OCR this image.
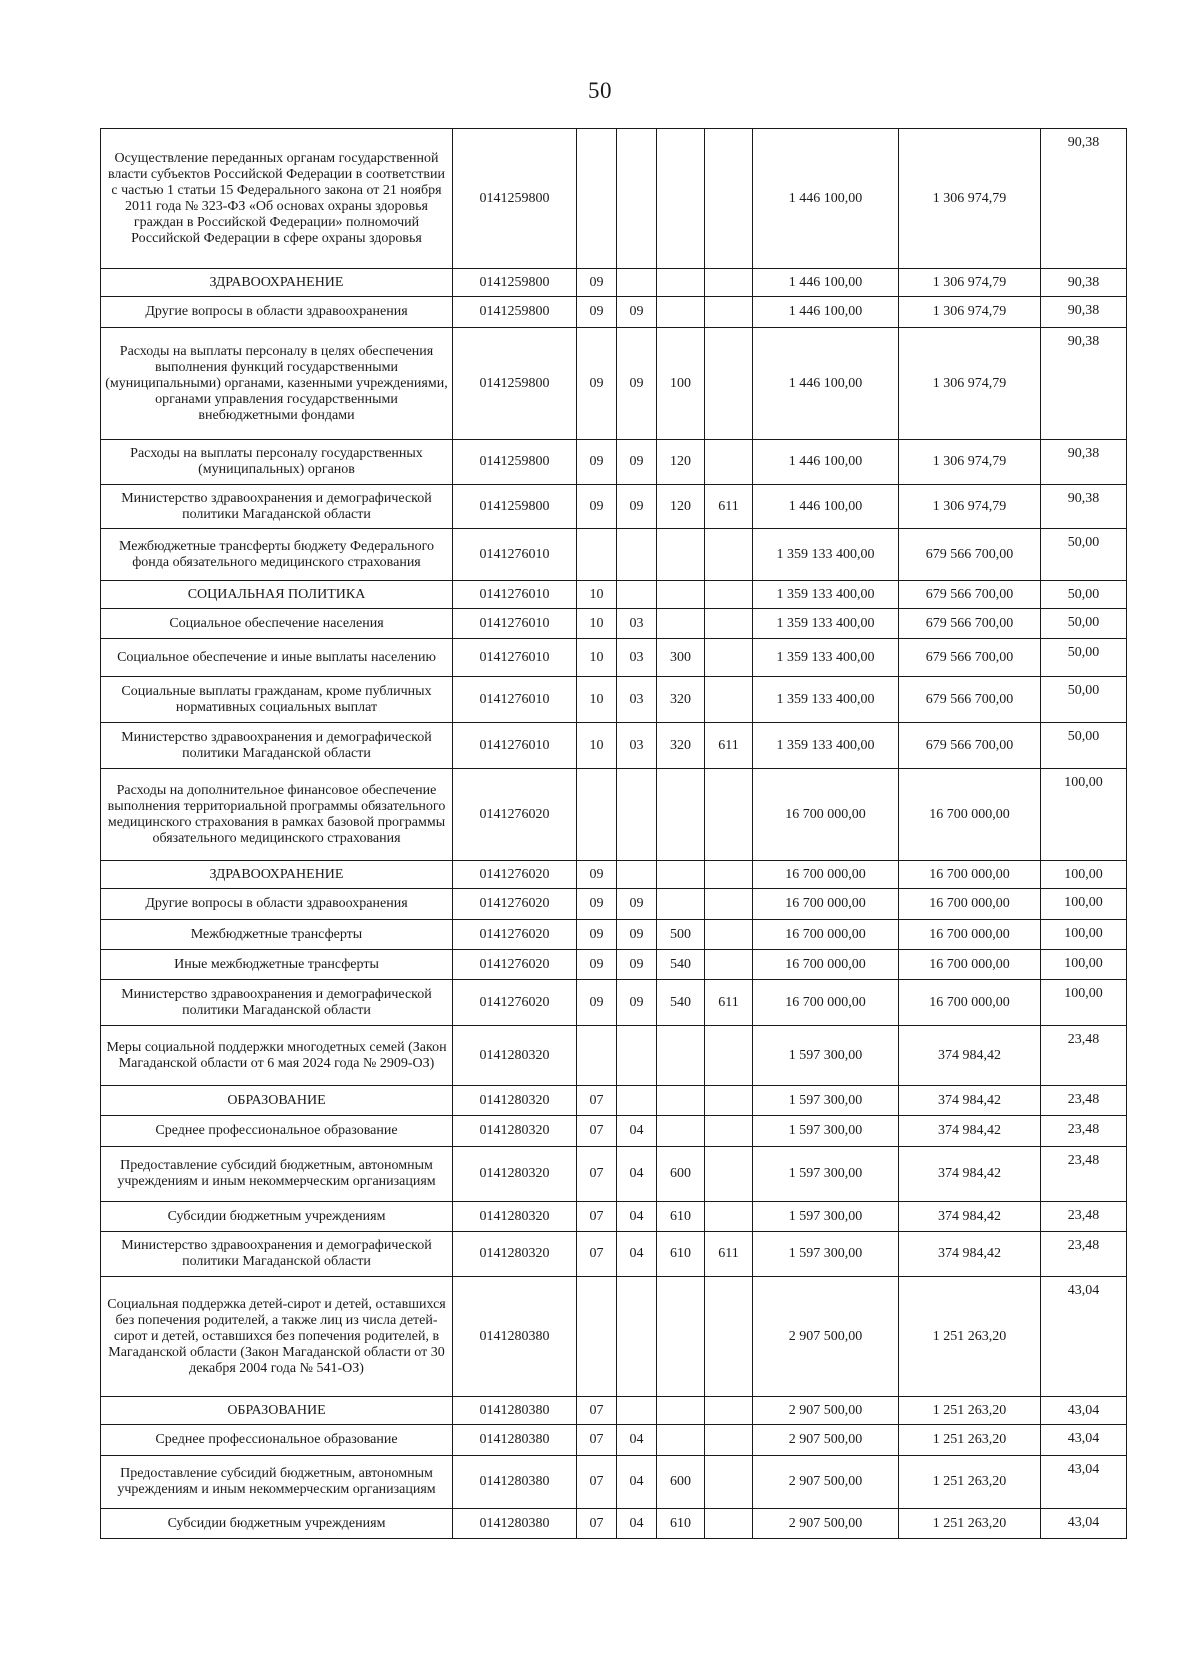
50
Осуществление переданных органам государственной власти субъектов Российской Федерации в соответствии с частью 1 статьи 15 Федерального закона от 21 ноября 2011 года № 323-ФЗ «Об основах охраны здоровья граждан в Российской Федерации» полномочий Российской Федерации в сфере охраны здоровья	0141259800					1 446 100,00	1 306 974,79	90,38
ЗДРАВООХРАНЕНИЕ	0141259800	09				1 446 100,00	1 306 974,79	90,38
Другие вопросы в области здравоохранения	0141259800	09	09			1 446 100,00	1 306 974,79	90,38
Расходы на выплаты персоналу в целях обеспечения выполнения функций государственными (муниципальными) органами, казенными учреждениями, органами управления государственными внебюджетными фондами	0141259800	09	09	100		1 446 100,00	1 306 974,79	90,38
Расходы на выплаты персоналу государственных (муниципальных) органов	0141259800	09	09	120		1 446 100,00	1 306 974,79	90,38
Министерство здравоохранения и демографической политики Магаданской области	0141259800	09	09	120	611	1 446 100,00	1 306 974,79	90,38
Межбюджетные трансферты бюджету Федерального фонда обязательного медицинского страхования	0141276010					1 359 133 400,00	679 566 700,00	50,00
СОЦИАЛЬНАЯ ПОЛИТИКА	0141276010	10				1 359 133 400,00	679 566 700,00	50,00
Социальное обеспечение населения	0141276010	10	03			1 359 133 400,00	679 566 700,00	50,00
Социальное обеспечение и иные выплаты населению	0141276010	10	03	300		1 359 133 400,00	679 566 700,00	50,00
Социальные выплаты гражданам, кроме публичных нормативных социальных выплат	0141276010	10	03	320		1 359 133 400,00	679 566 700,00	50,00
Министерство здравоохранения и демографической политики Магаданской области	0141276010	10	03	320	611	1 359 133 400,00	679 566 700,00	50,00
Расходы на дополнительное финансовое обеспечение выполнения территориальной программы обязательного медицинского страхования в рамках базовой программы обязательного медицинского страхования	0141276020					16 700 000,00	16 700 000,00	100,00
ЗДРАВООХРАНЕНИЕ	0141276020	09				16 700 000,00	16 700 000,00	100,00
Другие вопросы в области здравоохранения	0141276020	09	09			16 700 000,00	16 700 000,00	100,00
Межбюджетные трансферты	0141276020	09	09	500		16 700 000,00	16 700 000,00	100,00
Иные межбюджетные трансферты	0141276020	09	09	540		16 700 000,00	16 700 000,00	100,00
Министерство здравоохранения и демографической политики Магаданской области	0141276020	09	09	540	611	16 700 000,00	16 700 000,00	100,00
Меры социальной поддержки многодетных семей (Закон Магаданской области от 6 мая 2024 года № 2909-ОЗ)	0141280320					1 597 300,00	374 984,42	23,48
ОБРАЗОВАНИЕ	0141280320	07				1 597 300,00	374 984,42	23,48
Среднее профессиональное образование	0141280320	07	04			1 597 300,00	374 984,42	23,48
Предоставление субсидий бюджетным, автономным учреждениям и иным некоммерческим организациям	0141280320	07	04	600		1 597 300,00	374 984,42	23,48
Субсидии бюджетным учреждениям	0141280320	07	04	610		1 597 300,00	374 984,42	23,48
Министерство здравоохранения и демографической политики Магаданской области	0141280320	07	04	610	611	1 597 300,00	374 984,42	23,48
Социальная поддержка детей-сирот и детей, оставшихся без попечения родителей, а также лиц из числа детей-сирот и детей, оставшихся без попечения родителей, в Магаданской области (Закон Магаданской области от 30 декабря 2004 года № 541-ОЗ)	0141280380					2 907 500,00	1 251 263,20	43,04
ОБРАЗОВАНИЕ	0141280380	07				2 907 500,00	1 251 263,20	43,04
Среднее профессиональное образование	0141280380	07	04			2 907 500,00	1 251 263,20	43,04
Предоставление субсидий бюджетным, автономным учреждениям и иным некоммерческим организациям	0141280380	07	04	600		2 907 500,00	1 251 263,20	43,04
Субсидии бюджетным учреждениям	0141280380	07	04	610		2 907 500,00	1 251 263,20	43,04
